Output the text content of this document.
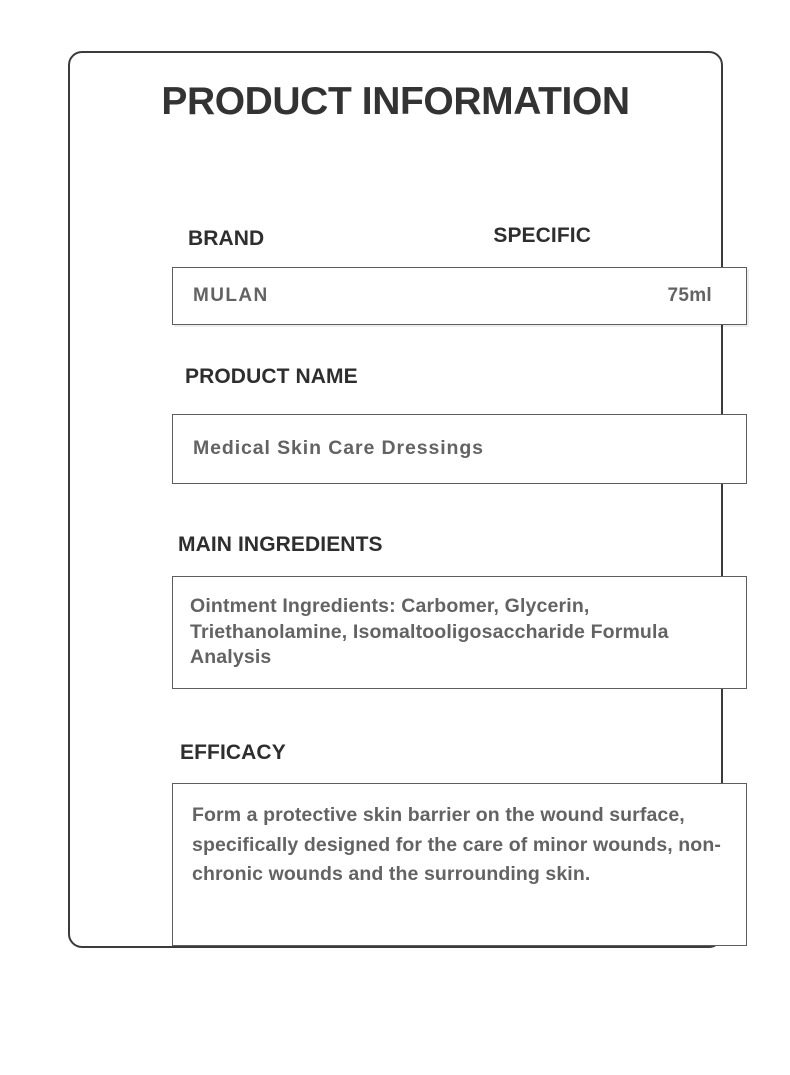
PRODUCT INFORMATION
BRAND	SPECIFIC
MULAN	75ml
PRODUCT NAME
Medical Skin Care Dressings
MAIN INGREDIENTS
Ointment Ingredients: Carbomer, Glycerin, Triethanolamine, Isomaltooligosaccharide Formula Analysis
EFFICACY
Form a protective skin barrier on the wound surface, specifically designed for the care of minor wounds, non-chronic wounds and the surrounding skin.
